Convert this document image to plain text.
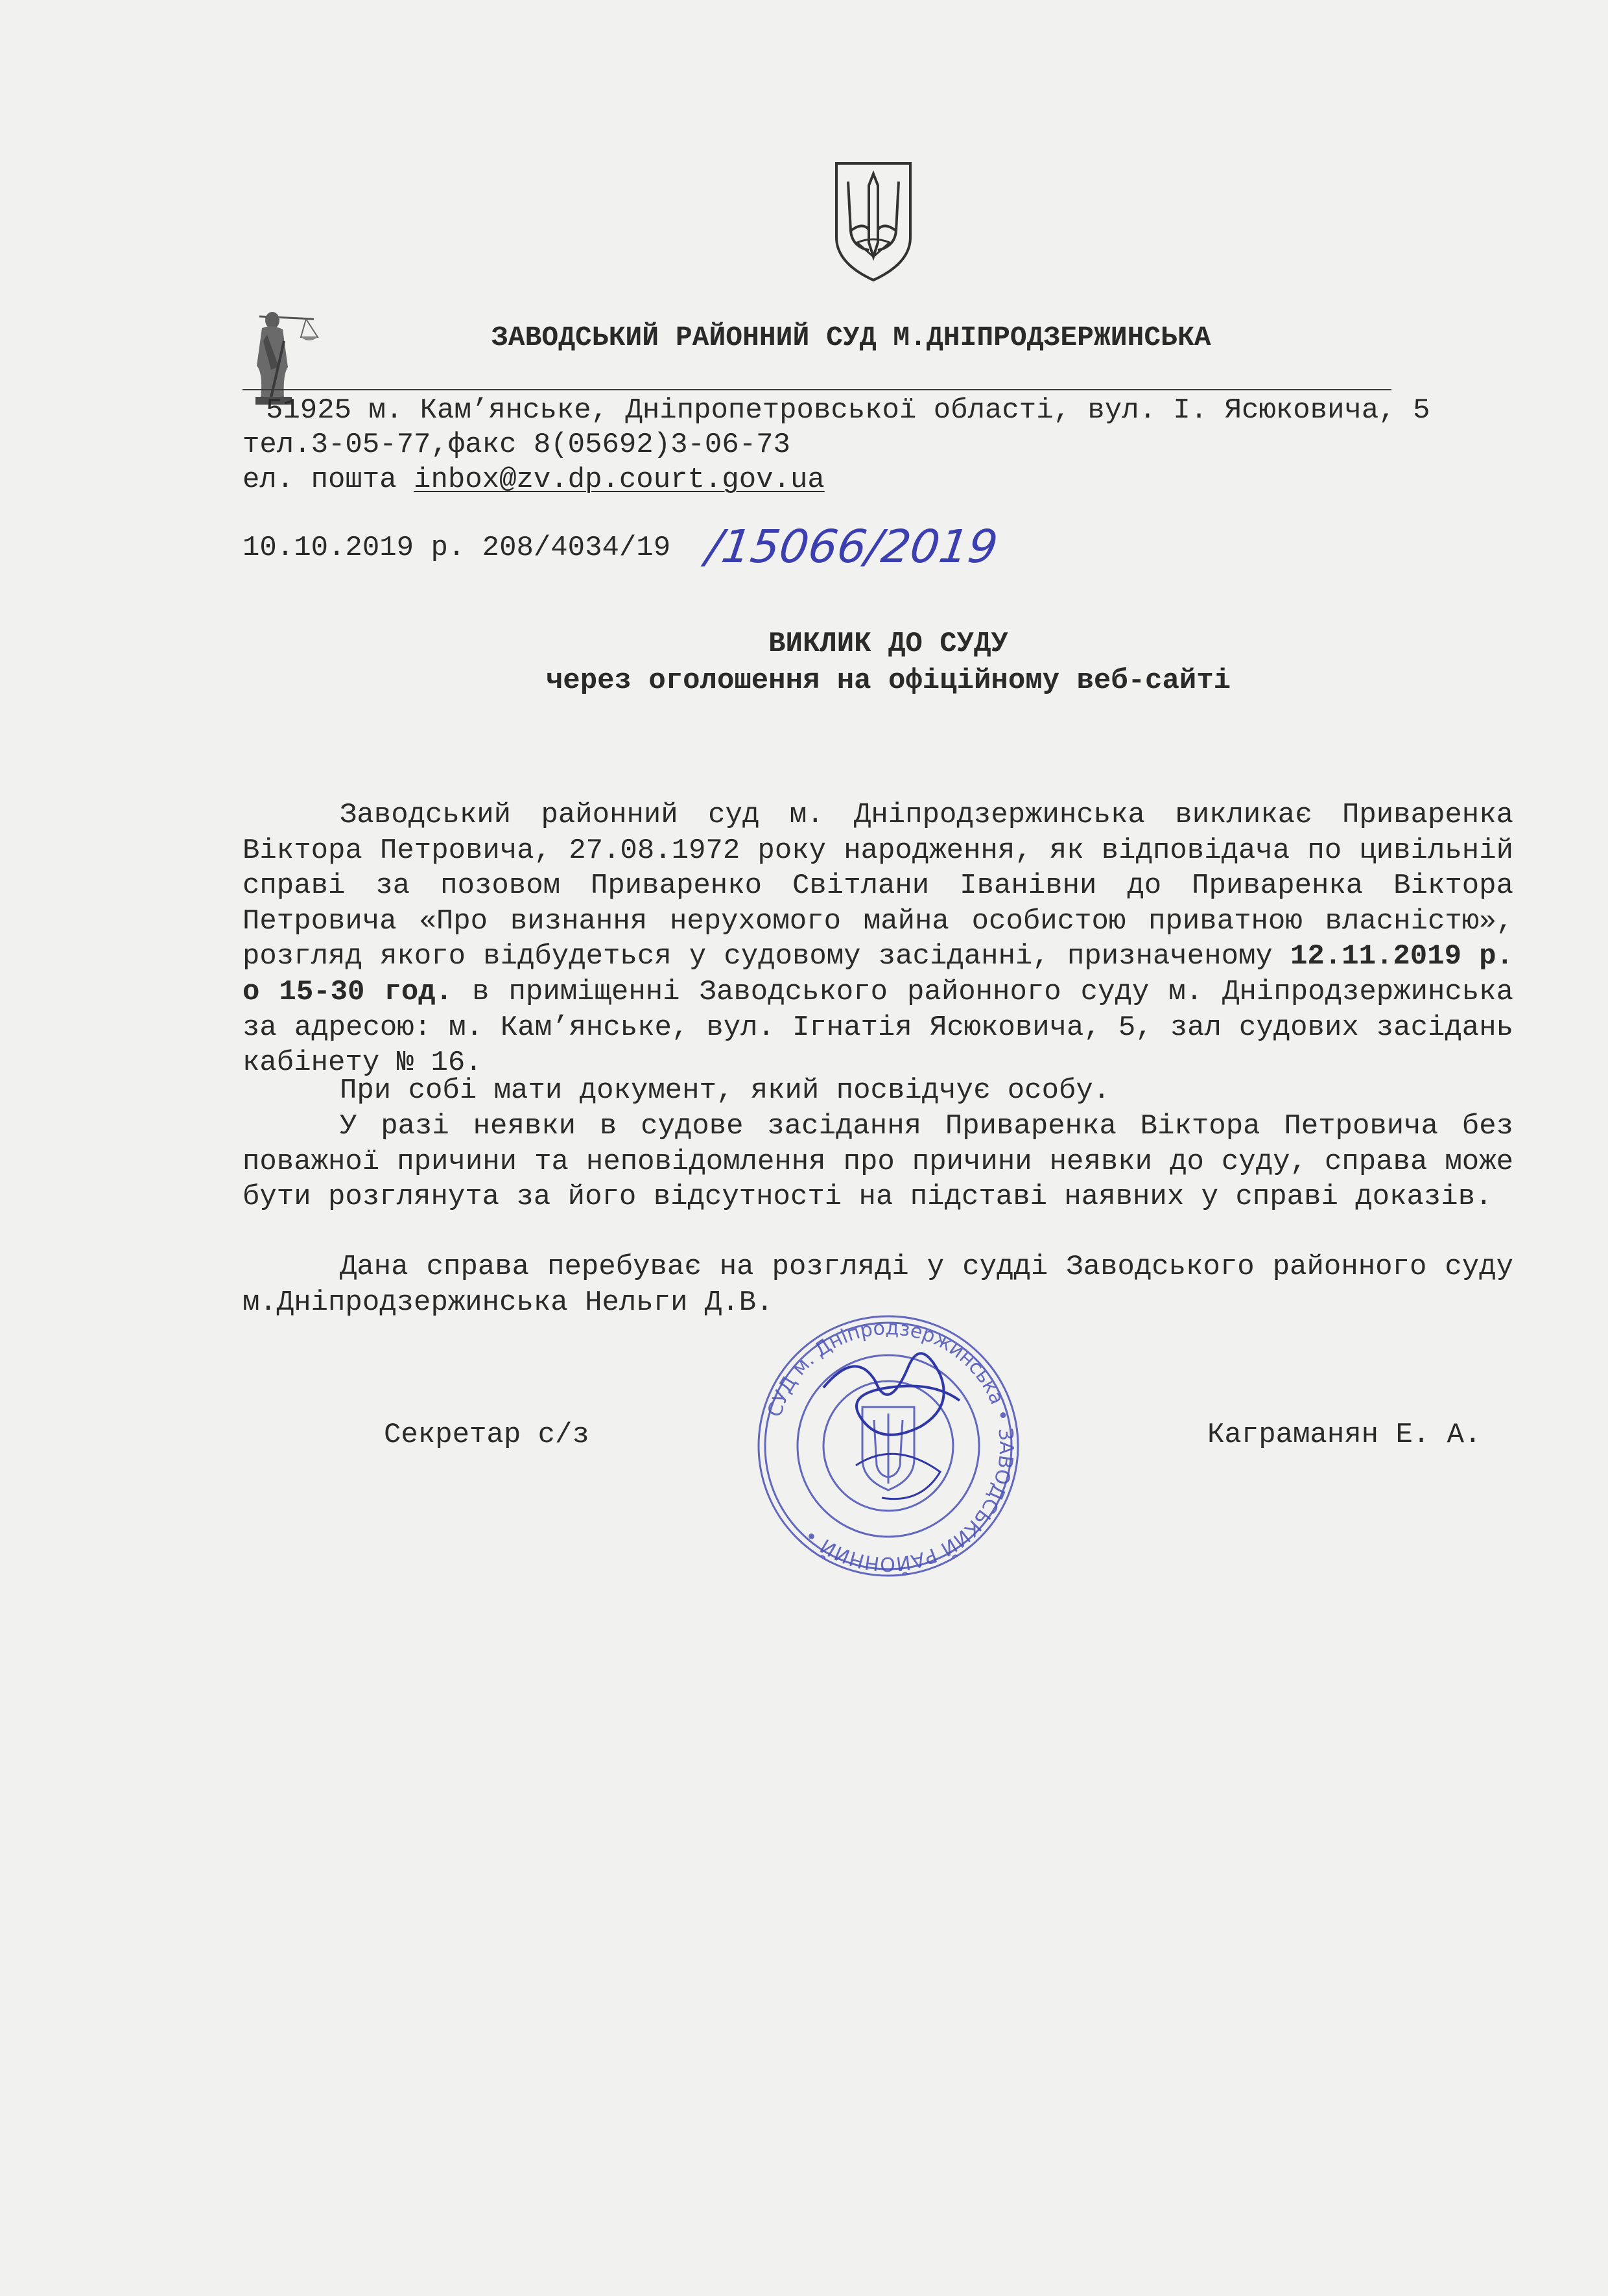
ЗАВОДСЬКИЙ РАЙОННИЙ СУД М.ДНІПРОДЗЕРЖИНСЬКА
51925 м. Кам’янське, Дніпропетровської області, вул. І. Ясюковича, 5
тел.3-05-77,факс 8(05692)3-06-73
ел. пошта inbox@zv.dp.court.gov.ua
10.10.2019 р. 208/4034/19 /15066/2019
ВИКЛИК ДО СУДУ
через оголошення на офіційному веб-сайті
Заводський районний суд м. Дніпродзержинська викликає Приваренка Віктора Петровича, 27.08.1972 року народження, як відповідача по цивільній справі за позовом Приваренко Світлани Іванівни до Приваренка Віктора Петровича «Про визнання нерухомого майна особистою приватною власністю», розгляд якого відбудеться у судовому засіданні, призначеному 12.11.2019 р. о 15-30 год. в приміщенні Заводського районного суду м. Дніпродзержинська за адресою: м. Кам’янське, вул. Ігнатія Ясюковича, 5, зал судових засідань кабінету № 16.
При собі мати документ, який посвідчує особу.
У разі неявки в судове засідання Приваренка Віктора Петровича без поважної причини та неповідомлення про причини неявки до суду, справа може бути розглянута за його відсутності на підставі наявних у справі доказів.
Дана справа перебуває на розгляді у судді Заводського районного суду м.Дніпродзержинська Нельги Д.В.
Секретар с/з	Каграманян Е. А.
СУД м. Дніпродзержинська • ЗАВОДСЬКИЙ РАЙОННИЙ •
